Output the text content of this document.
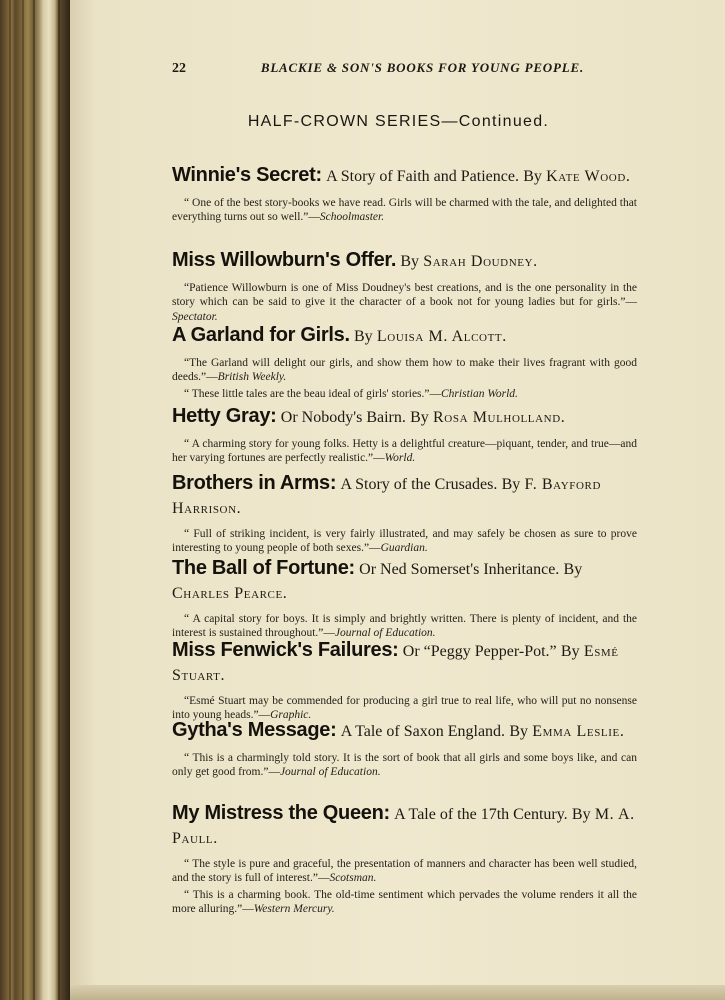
22	BLACKIE & SON'S BOOKS FOR YOUNG PEOPLE.
HALF-CROWN SERIES—Continued.

Winnie's Secret: A Story of Faith and Patience. By Kate Wood.

“ One of the best story-books we have read. Girls will be charmed with the tale, and delighted that everything turns out so well.”—Schoolmaster.

Miss Willowburn's Offer. By Sarah Doudney.

“Patience Willowburn is one of Miss Doudney's best creations, and is the one personality in the story which can be said to give it the character of a book not for young ladies but for girls.”—Spectator.

A Garland for Girls. By Louisa M. Alcott.

“The Garland will delight our girls, and show them how to make their lives fragrant with good deeds.”—British Weekly.

“ These little tales are the beau ideal of girls' stories.”—Christian World.

Hetty Gray: Or Nobody's Bairn. By Rosa Mulholland.

“ A charming story for young folks. Hetty is a delightful creature—piquant, tender, and true—and her varying fortunes are perfectly realistic.”—World.

Brothers in Arms: A Story of the Crusades. By F. Bayford Harrison.

“ Full of striking incident, is very fairly illustrated, and may safely be chosen as sure to prove interesting to young people of both sexes.”—Guardian.

The Ball of Fortune: Or Ned Somerset's Inheritance. By Charles Pearce.

“ A capital story for boys. It is simply and brightly written. There is plenty of incident, and the interest is sustained throughout.”—Journal of Education.

Miss Fenwick's Failures: Or “Peggy Pepper-Pot.” By Esmé Stuart.

“Esmé Stuart may be commended for producing a girl true to real life, who will put no nonsense into young heads.”—Graphic.

Gytha's Message: A Tale of Saxon England. By Emma Leslie.

“ This is a charmingly told story. It is the sort of book that all girls and some boys like, and can only get good from.”—Journal of Education.

My Mistress the Queen: A Tale of the 17th Century. By M. A. Paull.

“ The style is pure and graceful, the presentation of manners and character has been well studied, and the story is full of interest.”—Scotsman.

“ This is a charming book. The old-time sentiment which pervades the volume renders it all the more alluring.”—Western Mercury.
